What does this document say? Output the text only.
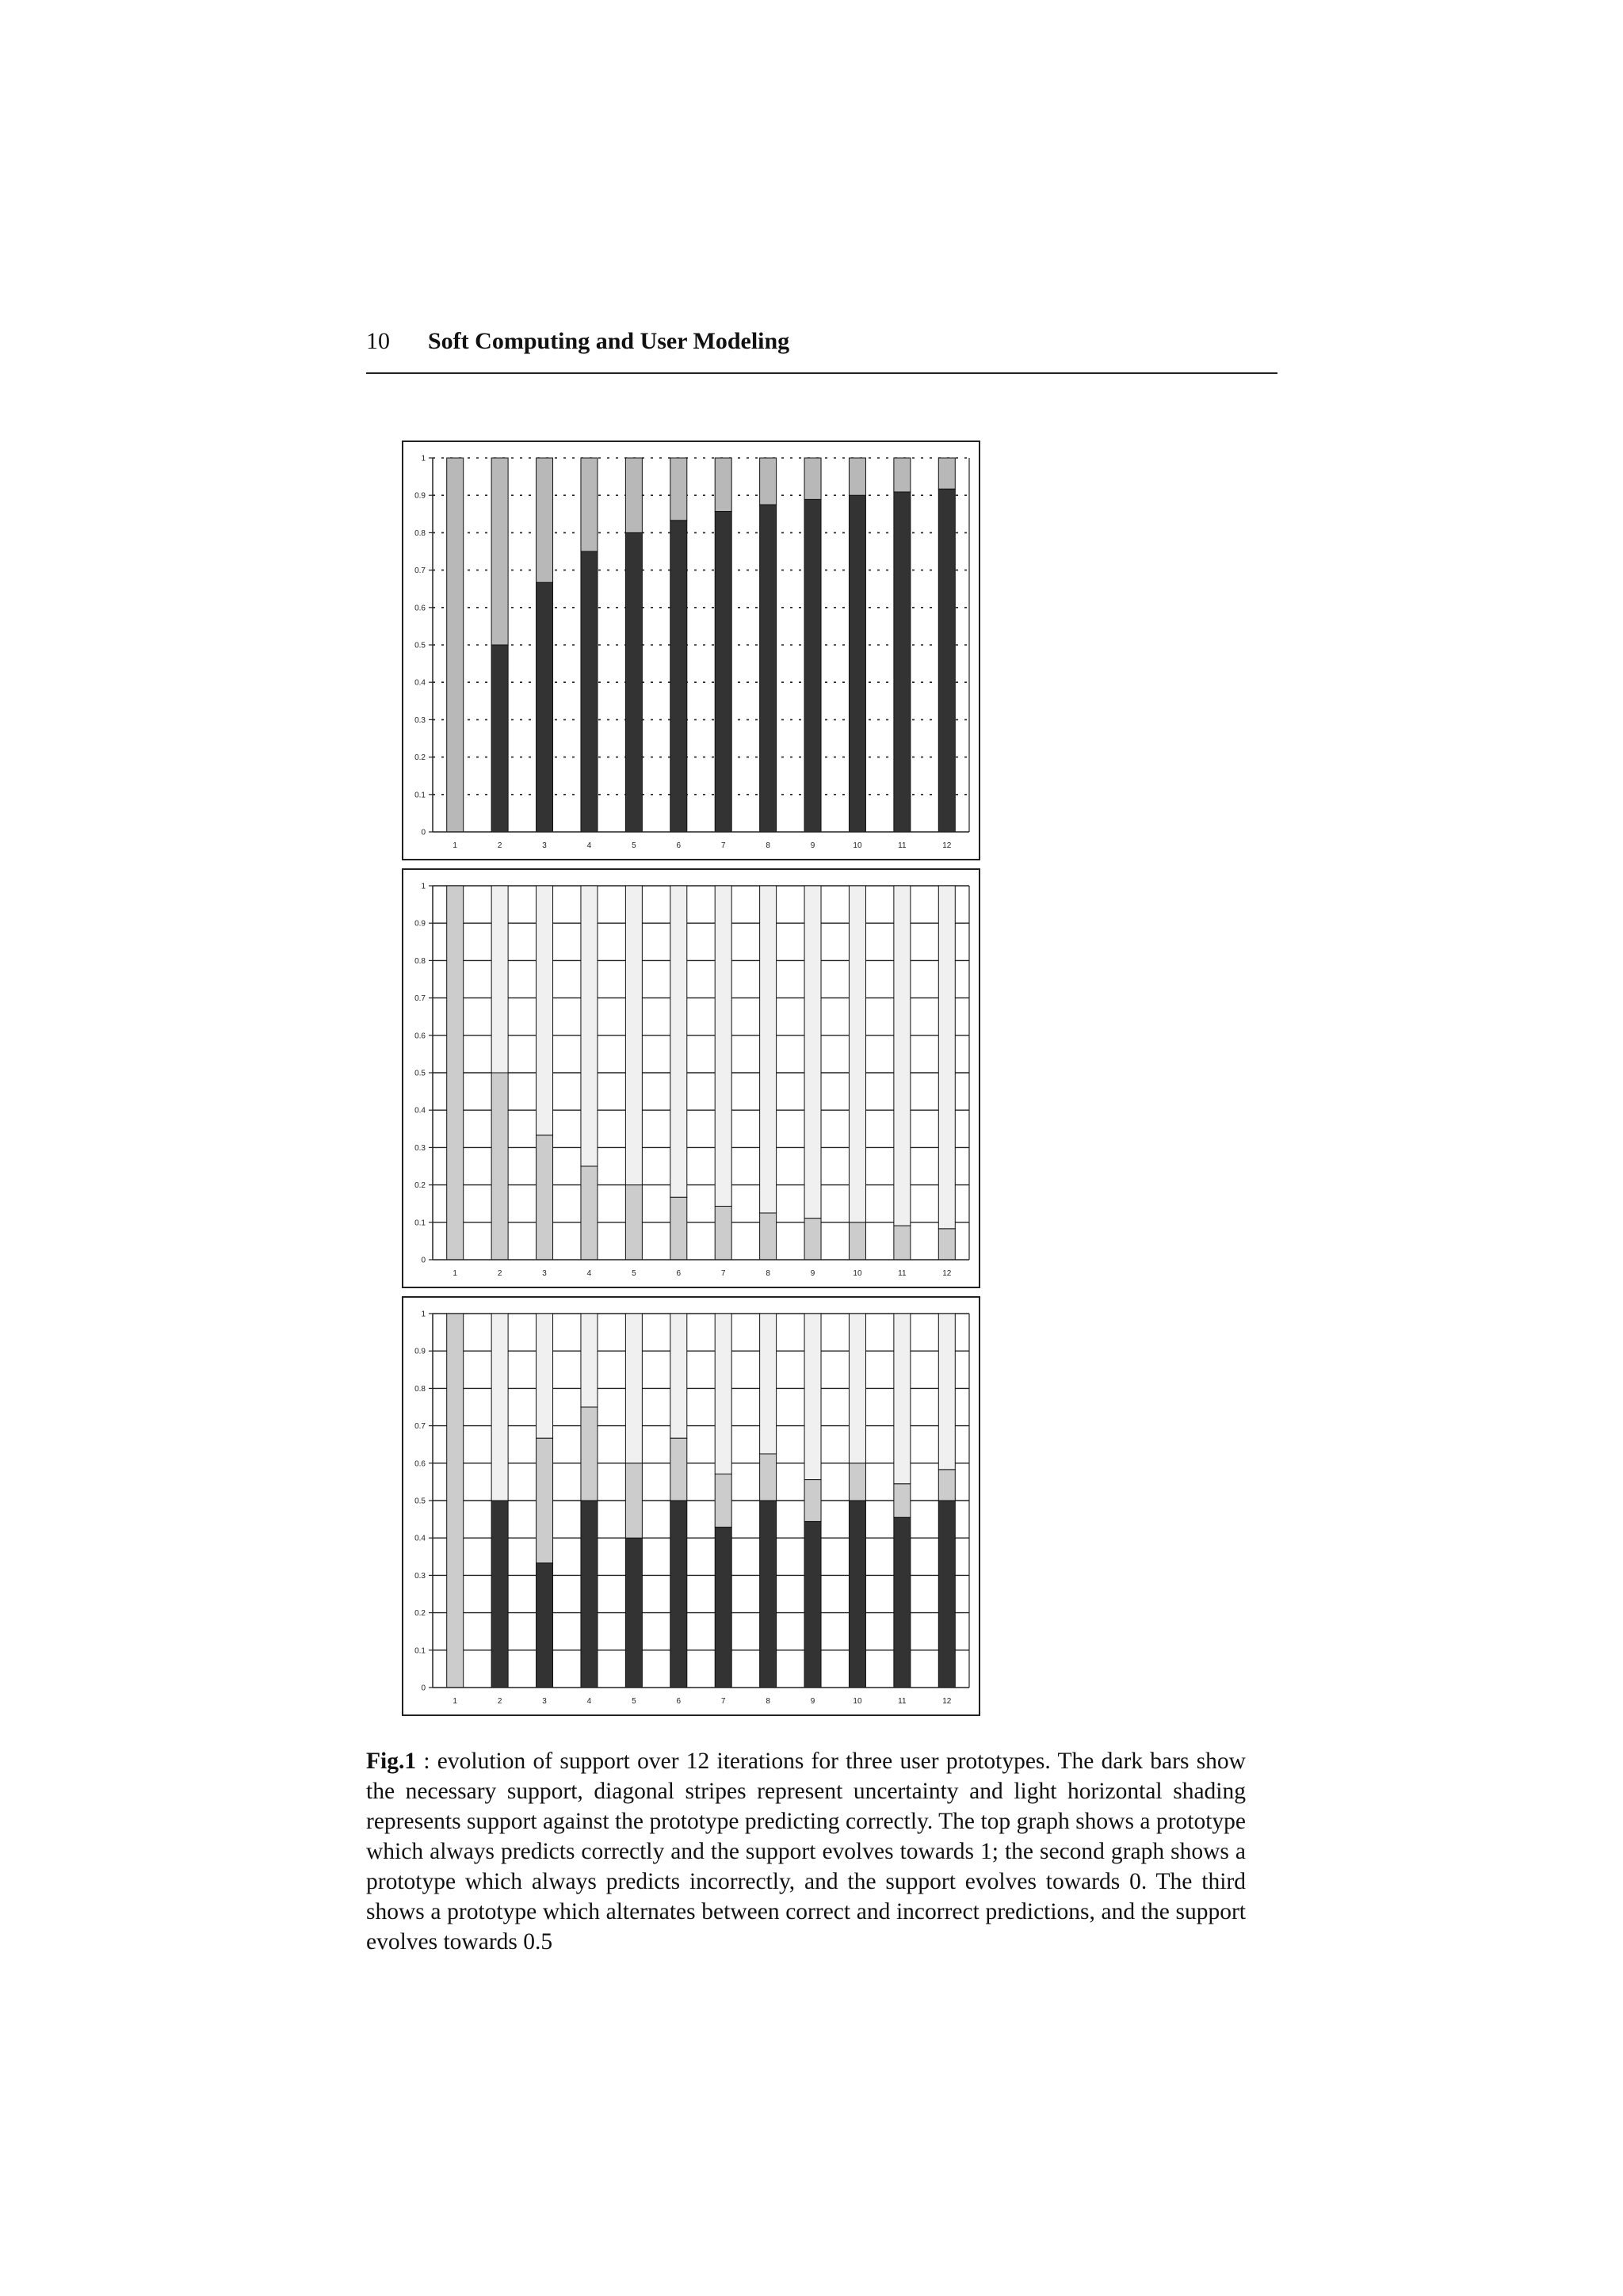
10 Soft Computing and User Modeling
0
0.1
0.2
0.3
0.4
0.5
0.6
0.7
0.8
0.9
1
1	2	3	4	5	6	7	8	9	10	11	12
0
0.1
0.2
0.3
0.4
0.5
0.6
0.7
0.8
0.9
1
1	2	3	4	5	6	7	8	9	10	11	12
0
0.1
0.2
0.3
0.4
0.5
0.6
0.7
0.8
0.9
1
1	2	3	4	5	6	7	8	9	10	11	12
Fig.1 : evolution of support over 12 iterations for three user prototypes. The dark bars show the necessary support, diagonal stripes represent uncertainty and light horizontal shading represents support against the prototype predicting correctly. The top graph shows a prototype which always predicts correctly and the support evolves towards 1; the second graph shows a prototype which always predicts incorrectly, and the support evolves towards 0. The third shows a prototype which alternates between correct and incorrect predictions, and the support evolves towards 0.5
